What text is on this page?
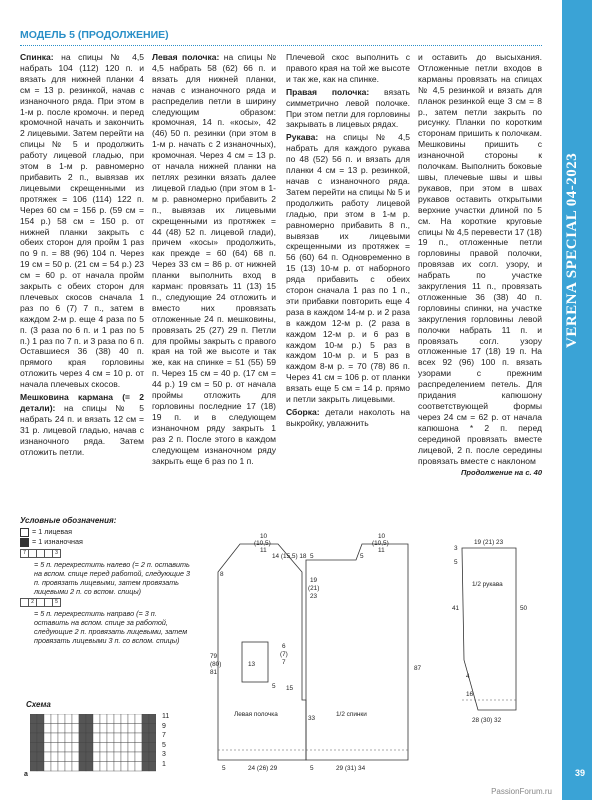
МОДЕЛЬ 5 (ПРОДОЛЖЕНИЕ)
VERENA SPECIAL 04-2023
39

Спинка: на спицы № 4,5 набрать 104 (112) 120 п. и вязать для нижней планки 4 см = 13 р. резинкой, начав с изнаночного ряда. При этом в 1-м р. после кромочн. и перед кромочной начать и закончить 2 лицевыми. Затем перейти на спицы № 5 и продолжить работу лицевой гладью, при этом в 1-м р. равномерно прибавить 2 п., вывязав их лицевыми скрещенными из протяжек = 106 (114) 122 п. Через 60 см = 156 р. (59 см = 154 р.) 58 см = 150 р. от нижней планки закрыть с обеих сторон для пройм 1 раз по 9 п. = 88 (96) 104 п. Через 19 см = 50 р. (21 см = 54 р.) 23 см = 60 р. от начала пройм закрыть с обеих сторон для плечевых скосов сначала 1 раз по 6 (7) 7 п., затем в каждом 2-м р. еще 4 раза по 5 п. (3 раза по 6 п. и 1 раз по 5 п.) 1 раз по 7 п. и 3 раза по 6 п. Оставшиеся 36 (38) 40 п. прямого края горловины отложить через 4 см = 10 р. от начала плечевых скосов.

Мешковина кармана (= 2 детали): на спицы № 5 набрать 24 п. и вязать 12 см = 31 р. лицевой гладью, начав с изнаночного ряда. Затем отложить петли.

Левая полочка: на спицы № 4,5 набрать 58 (62) 66 п. и вязать для нижней планки, начав с изнаночного ряда и распределив петли в ширину следующим образом: кромочная, 14 п. «косы», 42 (46) 50 п. резинки (при этом в 1-м р. начать с 2 изнаночных), кромочная. Через 4 см = 13 р. от начала нижней планки на петлях резинки вязать далее лицевой гладью (при этом в 1-м р. равномерно прибавить 2 п., вывязав их лицевыми скрещенными из протяжек = 44 (48) 52 п. лицевой глади), причем «косы» продолжить, как прежде = 60 (64) 68 п. Через 33 см = 86 р. от нижней планки выполнить вход в карман: провязать 11 (13) 15 п., следующие 24 отложить и вместо них провязать отложенные 24 п. мешковины, провязать 25 (27) 29 п. Петли для проймы закрыть с правого края на той же высоте и так же, как на спинке = 51 (55) 59 п. Через 15 см = 40 р. (17 см = 44 р.) 19 см = 50 р. от начала проймы отложить для горловины последние 17 (18) 19 п. и в следующем изнаночном ряду закрыть 1 раз 2 п. После этого в каждом следующем изнаночном ряду закрыть еще 6 раз по 1 п.

Плечевой скос выполнить с правого края на той же высоте и так же, как на спинке.

Правая полочка: вязать симметрично левой полочке. При этом петли для горловины закрывать в лицевых рядах.

Рукава: на спицы № 4,5 набрать для каждого рукава по 48 (52) 56 п. и вязать для планки 4 см = 13 р. резинкой, начав с изнаночного ряда. Затем перейти на спицы № 5 и продолжить работу лицевой гладью, при этом в 1-м р. равномерно прибавить 8 п., вывязав их лицевыми скрещенными из протяжек = 56 (60) 64 п. Одновременно в 15 (13) 10-м р. от наборного ряда прибавить с обеих сторон сначала 1 раз по 1 п., эти прибавки повторить еще 4 раза в каждом 14-м р. и 2 раза в каждом 12-м р. (2 раза в каждом 12-м р. и 6 раз в каждом 10-м р.) 5 раз в каждом 10-м р. и 5 раз в каждом 8-м р. = 70 (78) 86 п. Через 41 см = 106 р. от планки вязать еще 5 см = 14 р. прямо и петли закрыть лицевыми.

Сборка: детали наколоть на выкройку, увлажнить

и оставить до высыхания. Отложенные петли входов в карманы провязать на спицах № 4,5 резинкой и вязать для планок резинкой еще 3 см = 8 р., затем петли закрыть по рисунку. Планки по коротким сторонам пришить к полочкам. Мешковины пришить с изнаночной стороны к полочкам. Выполнить боковые швы, плечевые швы и швы рукавов, при этом в швах рукавов оставить открытыми верхние участки длиной по 5 см. На короткие круговые спицы № 4,5 перевести 17 (18) 19 п., отложенные петли горловины правой полочки, провязав их согл. узору, и набрать по участке закругления 11 п., провязать отложенные 36 (38) 40 п. горловины спинки, на участке закругления горловины левой полочки набрать 11 п. и провязать согл. узору отложенные 17 (18) 19 п. На всех 92 (96) 100 п. вязать узорами с прежним распределением петель. Для придания капюшону соответствующей формы через 24 см = 62 р. от начала капюшона * 2 п. перед серединой провязать вместе лицевой, 2 п. после середины провязать вместе с наклоном

Продолжение на с. 40
Условные обозначения:
= 1 лицевая
= 1 изнаночная
7	3
= 5 п. перекрестить налево (= 2 п. оставить на вспом. спице перед работой, следующие 3 п. провязать лицевыми, затем провязать лицевыми 2 п. со вспом. спицы)
2	5
= 5 п. перекрестить направо (= 3 п. оставить на вспом. спице за работой, следующие 2 п. провязать лицевыми, затем провязать лицевыми 3 п. со вспом. спицы)
Схема
11
9
7
5
3
1
a
10
(10,5)
11
14 (15,5) 18 5	5
19
(21)
23
8
79
(80)
81
13
6
(7)
7
5 15
33
10
(10,5)
11
87
Левая полочка	1/2 спинки
5	24 (26) 29	5	29 (31) 34
19 (21) 23
3
5
1/2 рукава
41	50
4
16
28 (30) 32
PassionForum.ru
